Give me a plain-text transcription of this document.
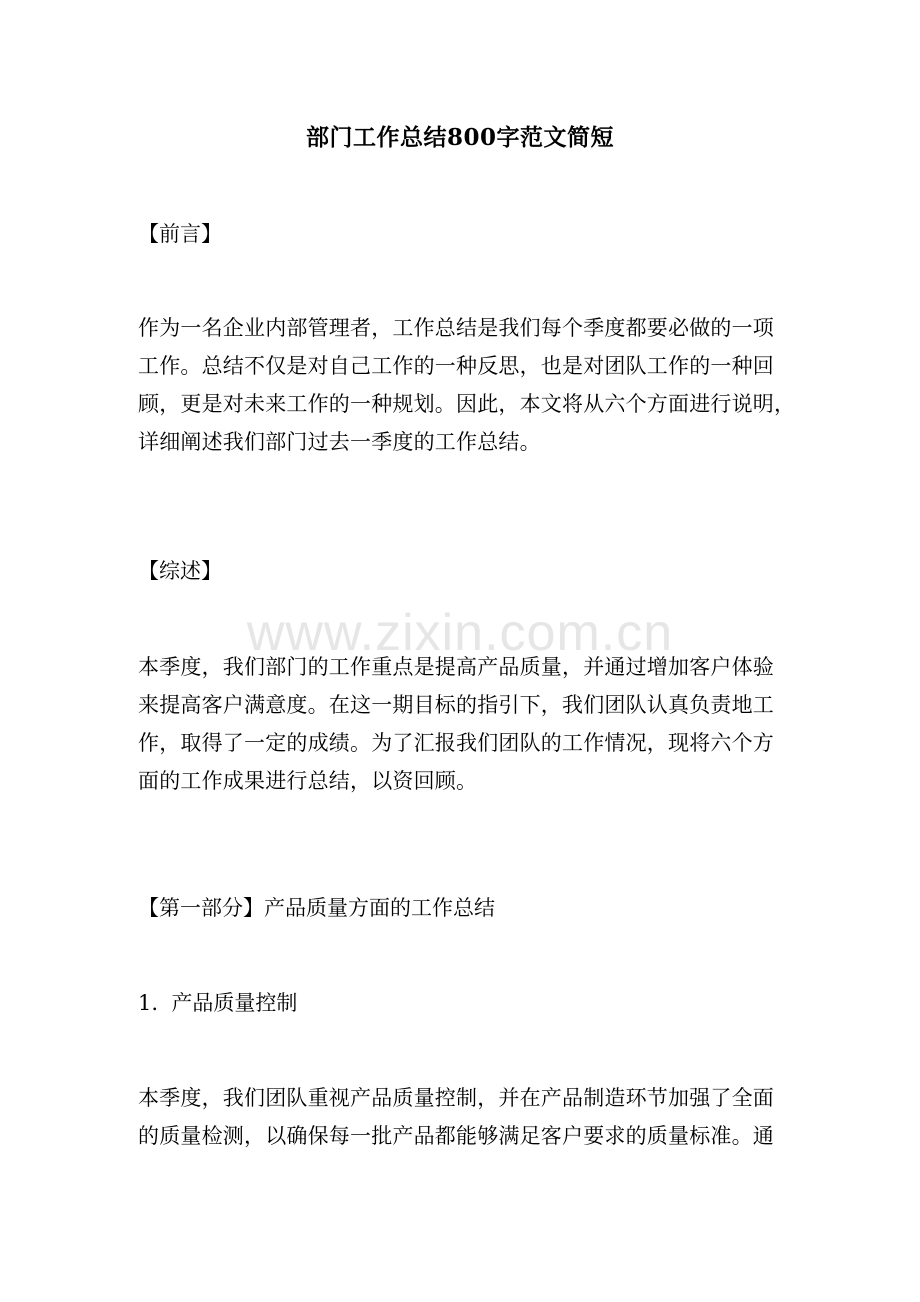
www.zixin.com.cn
部门工作总结800字范文简短
【前言】
作为一名企业内部管理者，工作总结是我们每个季度都要必做的一项
工作。总结不仅是对自己工作的一种反思，也是对团队工作的一种回
顾，更是对未来工作的一种规划。因此，本文将从六个方面进行说明，
详细阐述我们部门过去一季度的工作总结。
【综述】
本季度，我们部门的工作重点是提高产品质量，并通过增加客户体验
来提高客户满意度。在这一期目标的指引下，我们团队认真负责地工
作，取得了一定的成绩。为了汇报我们团队的工作情况，现将六个方
面的工作成果进行总结，以资回顾。
【第一部分】产品质量方面的工作总结
1.  产品质量控制
本季度，我们团队重视产品质量控制，并在产品制造环节加强了全面
的质量检测，以确保每一批产品都能够满足客户要求的质量标准。通
